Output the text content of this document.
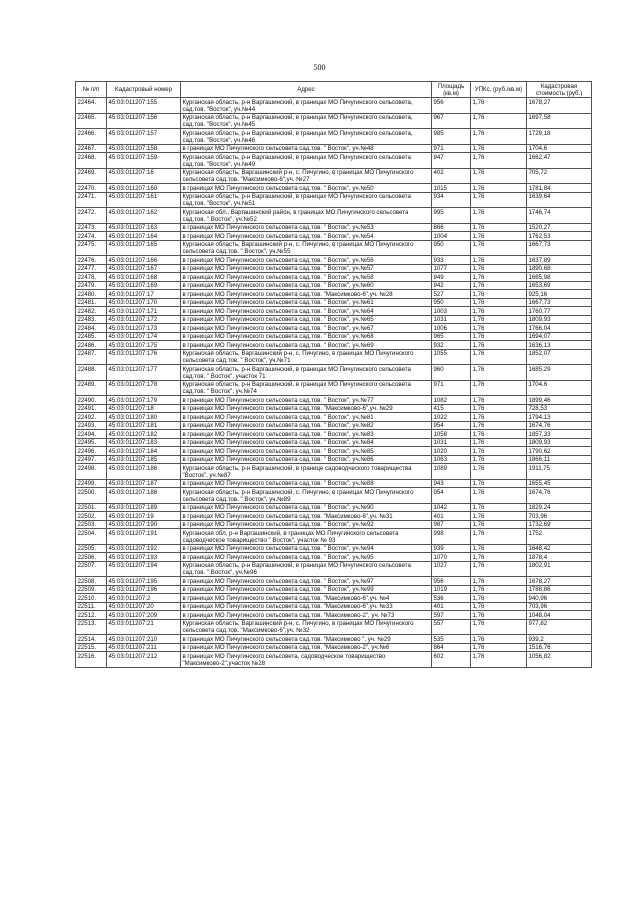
500
№ п/п	Кадастровый номер	Адрес	Площадь (кв.м)	УПКс. (руб./кв.м)	Кадастровая стоимость (руб.)
22464.	45:03:011207:155	Курганская область, р-н Варгашинский, в границах МО Пичугинского сельсовета, сад.тов. "Восток", уч.№44	956	1,76	1678,27
22465.	45:03:011207:156	Курганская область, р-н Варгашинский, в границах МО Пичугинского сельсовета, сад.тов. "Восток", уч.№45	967	1,76	1697,58
22466.	45:03:011207:157	Курганская область, р-н Варгашинский, в границах МО Пичугинского сельсовета, сад.тов. "Восток", уч.№46	985	1,76	1729,18
22467.	45:03:011207:158	в границах МО Пичугинского сельсовета сад.тов. " Восток", уч.№48	971	1,76	1704,6
22468.	45:03:011207:159	Курганская область, р-н Варгашинский, в границах МО Пичугинского сельсовета сад.тов. "Восток", уч.№49	947	1,76	1662,47
22469.	45:03:011207:16	Курганская область, Варгашинский р-н, с. Пичугино, в границах МО Пичугинского сельсовета сад.тов. "Максимково-6",уч. №27	402	1,76	705,72
22470.	45:03:011207:160	в границах МО Пичугинского сельсовета сад.тов. " Восток", уч.№50	1015	1,76	1781,84
22471.	45:03:011207:161	Курганская область, р-н Варгашинский, в границах МО Пичугинского сельсовета сад.тов. "Восток", уч.№51	934	1,76	1639,64
22472.	45:03:011207:162	Курганская обл., Варгашинский район, в границах МО Пичугинского сельсовета сад.тов. " Восток", уч.№52	995	1,76	1746,74
22473.	45:03:011207:163	в границах МО Пичугинского сельсовета сад.тов. " Восток", уч.№53	866	1,76	1520,27
22474.	45:03:011207:164	в границах МО Пичугинского сельсовета сад.тов. " Восток", уч.№54	1004	1,76	1762,53
22475.	45:03:011207:165	Курганская область, Варгашинский р-н, с. Пичугино, в границах МО Пичугинского сельсовета сад.тов. " Восток", уч.№55	950	1,76	1667,73
22476.	45:03:011207:166	в границах МО Пичугинского сельсовета сад.тов. " Восток", уч.№56	933	1,76	1637,89
22477.	45:03:011207:167	в границах МО Пичугинского сельсовета сад.тов. " Восток", уч.№57	1077	1,76	1890,68
22478.	45:03:011207:168	в границах МО Пичугинского сельсовета сад.тов. " Восток", уч.№58	949	1,76	1665,98
22479.	45:03:011207:169	в границах МО Пичугинского сельсовета сад.тов. " Восток", уч.№60	942	1,76	1653,69
22480.	45:03:011207:17	в границах МО Пичугинского сельсовета сад.тов. "Максимково-6",уч. №28	527	1,76	925,16
22481.	45:03:011207:170	в границах МО Пичугинского сельсовета сад.тов. " Восток", уч.№61	950	1,76	1667,73
22482.	45:03:011207:171	в границах МО Пичугинского сельсовета сад.тов. " Восток", уч.№64	1003	1,76	1760,77
22483.	45:03:011207:172	в границах МО Пичугинского сельсовета сад.тов. " Восток", уч.№65	1031	1,76	1809,93
22484.	45:03:011207:173	в границах МО Пичугинского сельсовета сад.тов. " Восток", уч.№67	1006	1,76	1766,04
22485.	45:03:011207:174	в границах МО Пичугинского сельсовета сад.тов. " Восток", уч.№68	965	1,76	1694,07
22486.	45:03:011207:175	в границах МО Пичугинского сельсовета сад.тов. " Восток", уч.№69	932	1,76	1636,13
22487.	45:03:011207:176	Курганская область, Варгашинский р-н, с. Пичугино, в границах МО Пичугинского сельсовета сад.тов. " Восток", уч.№71	1055	1,76	1852,07
22488.	45:03:011207:177	Курганская область, р-н Варгашинский, в границах МО Пичугинского сельсовета сад.тов. " Восток", участок 71	960	1,76	1685,29
22489.	45:03:011207:178	Курганская область, р-н Варгашинский, в границах МО Пичугинского сельсовета сад.тов. " Восток", уч.№74	971	1,76	1704,6
22490.	45:03:011207:179	в границах МО Пичугинского сельсовета сад.тов. " Восток", уч.№77	1082	1,76	1899,46
22491.	45:03:011207:18	в границах МО Пичугинского сельсовета сад.тов. "Максимково-6",уч. №29	415	1,76	728,53
22492.	45:03:011207:180	в границах МО Пичугинского сельсовета сад.тов. " Восток", уч.№81	1022	1,76	1794,13
22493.	45:03:011207:181	в границах МО Пичугинского сельсовета сад.тов. " Восток", уч.№82	954	1,76	1674,76
22494.	45:03:011207:182	в границах МО Пичугинского сельсовета сад.тов. " Восток", уч.№83	1058	1,76	1857,33
22495.	45:03:011207:183	в границах МО Пичугинского сельсовета сад.тов. " Восток", уч.№84	1031	1,76	1809,93
22496.	45:03:011207:184	в границах МО Пичугинского сельсовета сад.тов. " Восток", уч.№85	1020	1,76	1790,62
22497.	45:03:011207:185	в границах МО Пичугинского сельсовета сад.тов. " Восток", уч.№86	1063	1,76	1866,11
22498.	45:03:011207:186	Курганская область, р-н Варгашинский, в границе садоводческого товарищества "Восток", уч.№87	1089	1,76	1911,75
22499.	45:03:011207:187	в границах МО Пичугинского сельсовета сад.тов. " Восток", уч.№88	943	1,76	1655,45
22500.	45:03:011207:188	Курганская область, р-н Варгашинский, с. Пичугино, в границах МО Пичугинского сельсовета сад.тов. " Восток", уч.№89	954	1,76	1674,76
22501.	45:03:011207:189	в границах МО Пичугинского сельсовета сад.тов. " Восток", уч.№90	1042	1,76	1829,24
22502.	45:03:011207:19	в границах МО Пичугинского сельсовета сад.тов. "Максимково-6",уч. №31	401	1,76	703,96
22503.	45:03:011207:190	в границах МО Пичугинского сельсовета сад.тов. " Восток", уч.№92	987	1,76	1732,69
22504.	45:03:011207:191	Курганская обл, р-н Варгашинский, в границах МО Пичугинского сельсовета садоводческое товарищество " Восток", участок № 93	998	1,76	1752
22505.	45:03:011207:192	в границах МО Пичугинского сельсовета сад.тов. " Восток", уч.№94	939	1,76	1648,42
22506.	45:03:011207:193	в границах МО Пичугинского сельсовета сад.тов. " Восток", уч.№95	1070	1,76	1878,4
22507.	45:03:011207:194	Курганская область, р-н Варгашинский, в границах МО Пичугинского сельсовета сад.тов. " Восток", уч.№96	1027	1,76	1802,91
22508.	45:03:011207:195	в границах МО Пичугинского сельсовета сад.тов. " Восток", уч.№97	956	1,76	1678,27
22509.	45:03:011207:196	в границах МО Пичугинского сельсовета сад.тов. " Восток", уч.№99	1019	1,76	1788,86
22510.	45:03:011207:2	в границах МО Пичугинского сельсовета сад.тов. "Максимково-6",уч. №4	536	1,76	940,96
22511.	45:03:011207:20	в границах МО Пичугинского сельсовета сад.тов. "Максимково-6",уч. №33	401	1,76	703,96
22512.	45:03:011207:209	в границах МО Пичугинского сельсовета сад.тов. "Максимково-2", уч. №73	597	1,76	1048,04
22513.	45:03:011207:21	Курганская область, Варгашинский р-н, с. Пичугино, в границах МО Пичугинского сельсовета сад.тов. "Максимково-6",уч. №32	557	1,76	977,82
22514.	45:03:011207:210	в границах МО Пичугинского сельсовета сад.тов. "Максимково ", уч. №29	535	1,76	939,2
22515.	45:03:011207:211	в границах МО Пичугинского сельсовета сад.тов. "Максимково-2", уч.№6	864	1,76	1516,76
22516.	45:03:011207:212	в границах МО Пичугинского сельсовета, садоводческое товарищество "Максимково-2",участок №28	602	1,76	1056,82
